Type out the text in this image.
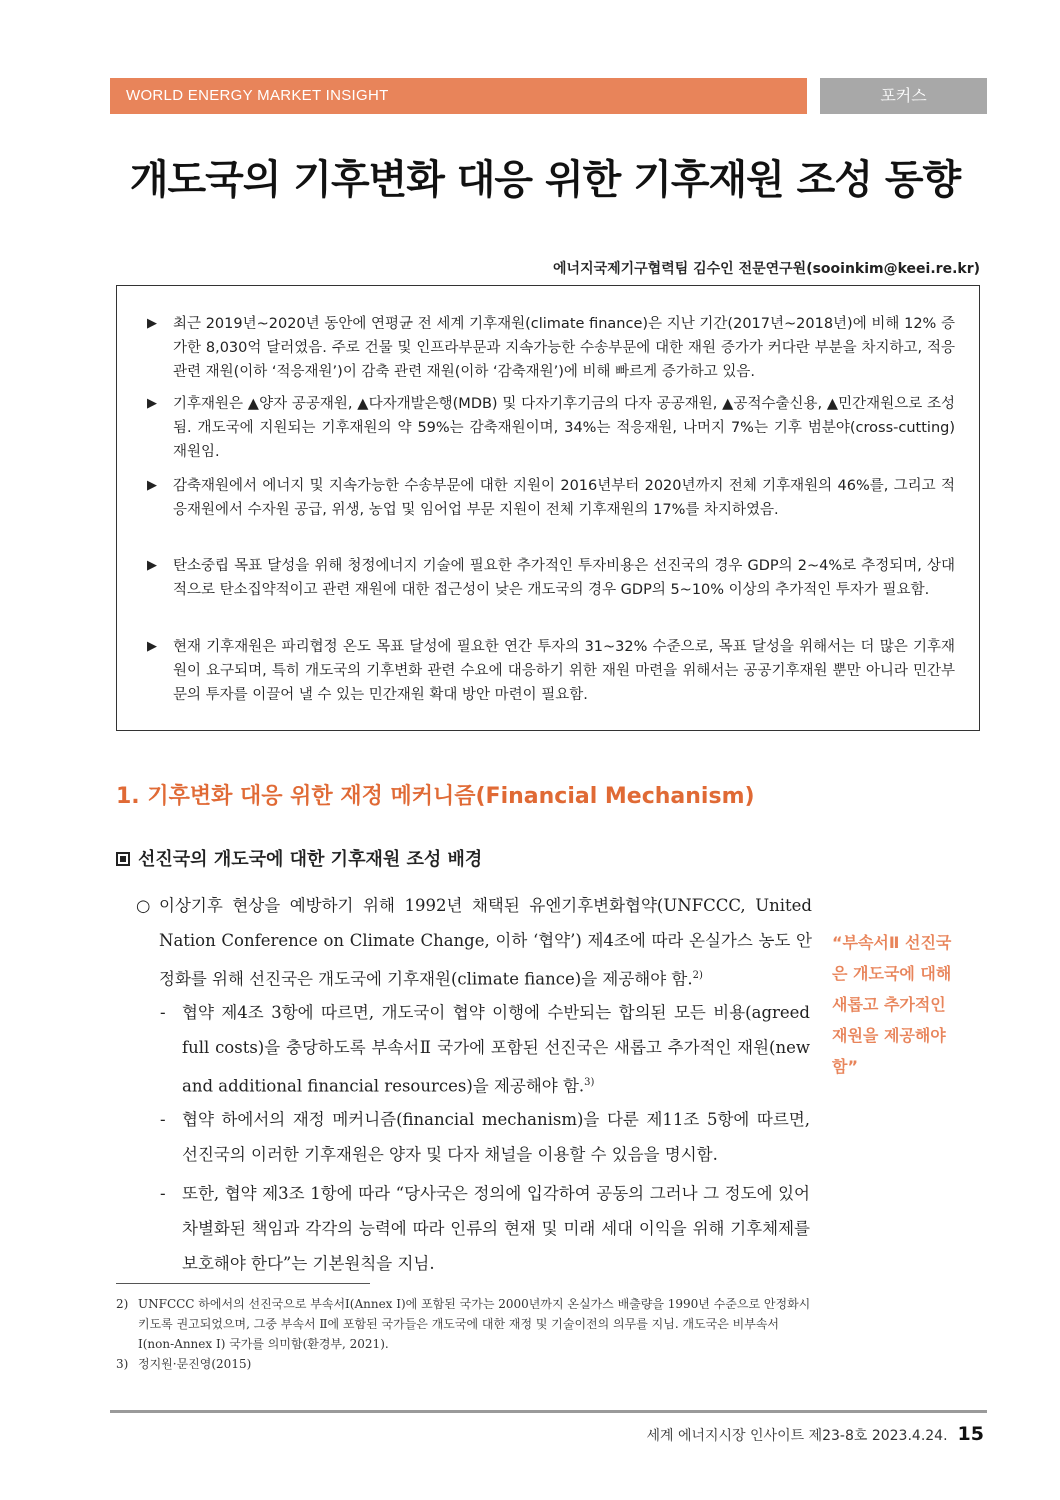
WORLD ENERGY MARKET INSIGHT	포커스
개도국의 기후변화 대응 위한 기후재원 조성 동향
에너지국제기구협력팀 김수인 전문연구원(sooinkim@keei.re.kr)
▶ 최근 2019년~2020년 동안에 연평균 전 세계 기후재원(climate finance)은 지난 기간(2017년~2018년)에 비해 12% 증가한 8,030억 달러였음. 주로 건물 및 인프라부문과 지속가능한 수송부문에 대한 재원 증가가 커다란 부분을 차지하고, 적응 관련 재원(이하 ‘적응재원’)이 감축 관련 재원(이하 ‘감축재원’)에 비해 빠르게 증가하고 있음.
▶ 기후재원은 ▲양자 공공재원, ▲다자개발은행(MDB) 및 다자기후기금의 다자 공공재원, ▲공적수출신용, ▲민간재원으로 조성됨. 개도국에 지원되는 기후재원의 약 59%는 감축재원이며, 34%는 적응재원, 나머지 7%는 기후 범분야(cross-cutting) 재원임.
▶ 감축재원에서 에너지 및 지속가능한 수송부문에 대한 지원이 2016년부터 2020년까지 전체 기후재원의 46%를, 그리고 적응재원에서 수자원 공급, 위생, 농업 및 임어업 부문 지원이 전체 기후재원의 17%를 차지하였음.
▶ 탄소중립 목표 달성을 위해 청정에너지 기술에 필요한 추가적인 투자비용은 선진국의 경우 GDP의 2~4%로 추정되며, 상대적으로 탄소집약적이고 관련 재원에 대한 접근성이 낮은 개도국의 경우 GDP의 5~10% 이상의 추가적인 투자가 필요함.
▶ 현재 기후재원은 파리협정 온도 목표 달성에 필요한 연간 투자의 31~32% 수준으로, 목표 달성을 위해서는 더 많은 기후재원이 요구되며, 특히 개도국의 기후변화 관련 수요에 대응하기 위한 재원 마련을 위해서는 공공기후재원 뿐만 아니라 민간부문의 투자를 이끌어 낼 수 있는 민간재원 확대 방안 마련이 필요함.
1. 기후변화 대응 위한 재정 메커니즘(Financial Mechanism)
선진국의 개도국에 대한 기후재원 조성 배경
○ 이상기후 현상을 예방하기 위해 1992년 채택된 유엔기후변화협약(UNFCCC, United Nation Conference on Climate Change, 이하 ‘협약’) 제4조에 따라 온실가스 농도 안정화를 위해 선진국은 개도국에 기후재원(climate fiance)을 제공해야 함.$^{2)}$
- 협약 제4조 3항에 따르면, 개도국이 협약 이행에 수반되는 합의된 모든 비용(agreed full costs)을 충당하도록 부속서Ⅱ 국가에 포함된 선진국은 새롭고 추가적인 재원(new and additional financial resources)을 제공해야 함.$^{3)}$
- 협약 하에서의 재정 메커니즘(financial mechanism)을 다룬 제11조 5항에 따르면, 선진국의 이러한 기후재원은 양자 및 다자 채널을 이용할 수 있음을 명시함.
- 또한, 협약 제3조 1항에 따라 “당사국은 정의에 입각하여 공동의 그러나 그 정도에 있어 차별화된 책임과 각각의 능력에 따라 인류의 현재 및 미래 세대 이익을 위해 기후체제를 보호해야 한다”는 기본원칙을 지님.
“부속서Ⅱ 선진국은 개도국에 대해 새롭고 추가적인 재원을 제공해야 함”
2) UNFCCC 하에서의 선진국으로 부속서Ⅰ(Annex Ⅰ)에 포함된 국가는 2000년까지 온실가스 배출량을 1990년 수준으로 안정화시키도록 권고되었으며, 그중 부속서 Ⅱ에 포함된 국가들은 개도국에 대한 재정 및 기술이전의 의무를 지님. 개도국은 비부속서Ⅰ(non-Annex Ⅰ) 국가를 의미함(환경부, 2021).
3) 정지원·문진영(2015)
세계 에너지시장 인사이트 제23-8호 2023.4.24. 15
